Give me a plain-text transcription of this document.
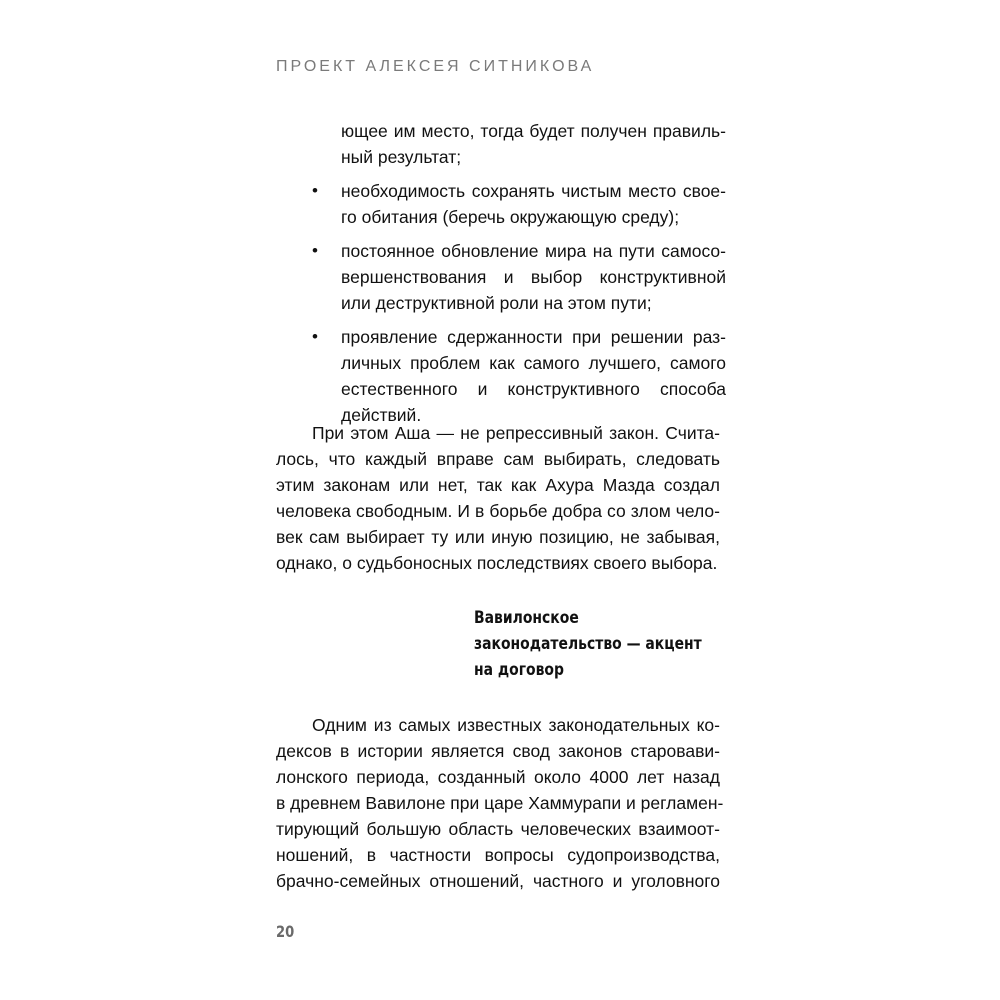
ПРОЕКТ АЛЕКСЕЯ СИТНИКОВА
ющее им место, тогда будет получен правиль-
ный результат;
• необходимость сохранять чистым место свое-
го обитания (беречь окружающую среду);
• постоянное обновление мира на пути самосо-
вершенствования и выбор конструктивной
или деструктивной роли на этом пути;
• проявление сдержанности при решении раз-
личных проблем как самого лучшего, самого
естественного и конструктивного способа
действий.
При этом Аша — не репрессивный закон. Счита-
лось, что каждый вправе сам выбирать, следовать
этим законам или нет, так как Ахура Мазда создал
человека свободным. И в борьбе добра со злом чело-
век сам выбирает ту или иную позицию, не забывая,
однако, о судьбоносных последствиях своего выбора.
Вавилонское
законодательство — акцент
на договор
Одним из самых известных законодательных ко-
дексов в истории является свод законов старовави-
лонского периода, созданный около 4000 лет назад
в древнем Вавилоне при царе Хаммурапи и регламен-
тирующий большую область человеческих взаимоот-
ношений, в частности вопросы судопроизводства,
брачно-семейных отношений, частного и уголовного
20
